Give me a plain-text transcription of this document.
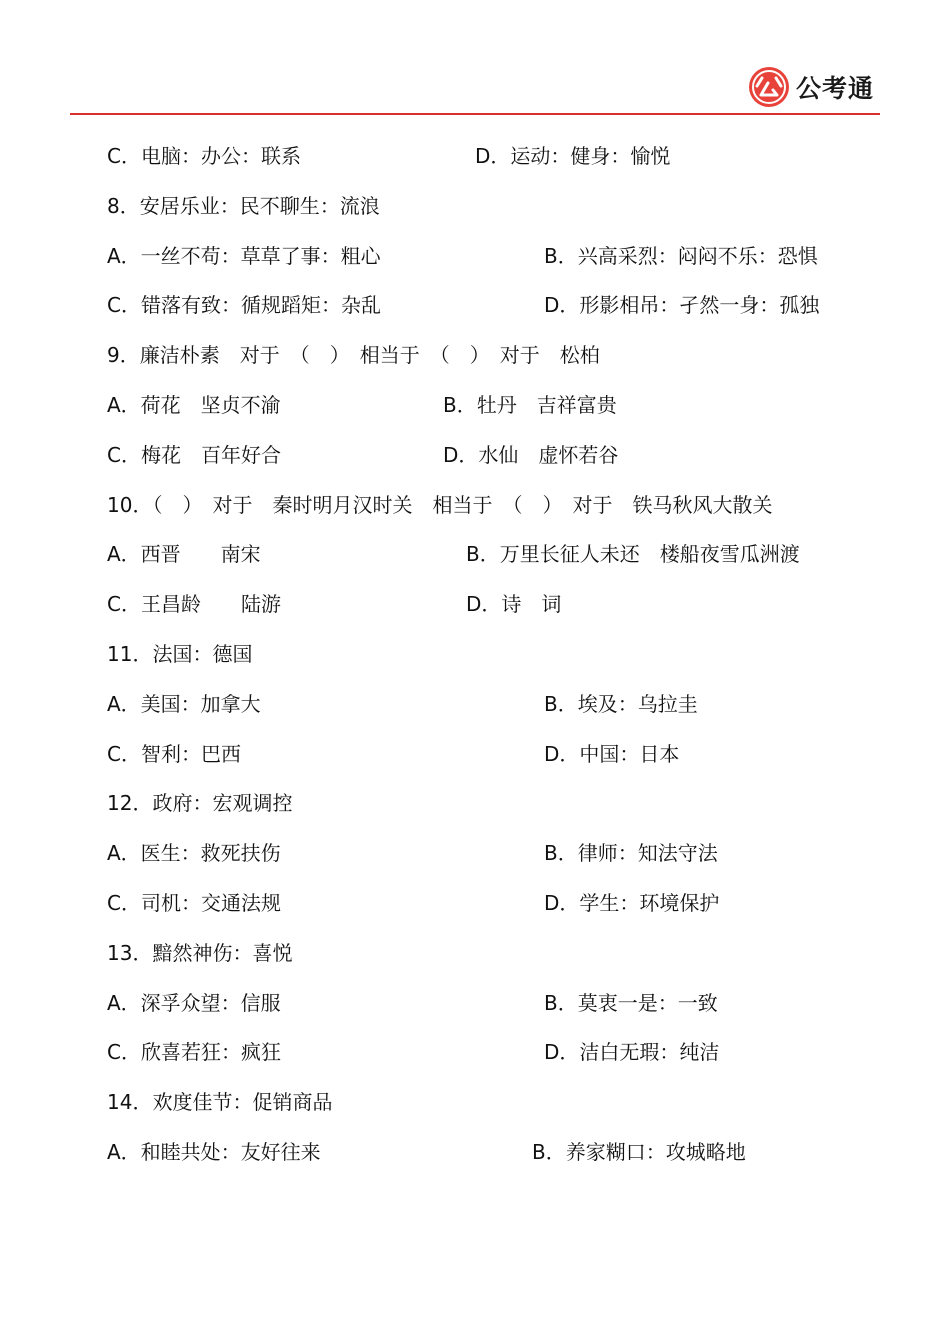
公考通
C．电脑：办公：联系	D．运动：健身：愉悦
8．安居乐业：民不聊生：流浪
A．一丝不苟：草草了事：粗心	B．兴高采烈：闷闷不乐：恐惧
C．错落有致：循规蹈矩：杂乱	D．形影相吊：孑然一身：孤独
9．廉洁朴素　对于　（　）　相当于　（　）　对于　松柏
A．荷花　坚贞不渝	B．牡丹　吉祥富贵
C．梅花　百年好合	D．水仙　虚怀若谷
10．（　）　对于　秦时明月汉时关　相当于　（　）　对于　铁马秋风大散关
A．西晋　　南宋	B．万里长征人未还　楼船夜雪瓜洲渡
C．王昌龄　　陆游	D．诗　词
11．法国：德国
A．美国：加拿大	B．埃及：乌拉圭
C．智利：巴西	D．中国：日本
12．政府：宏观调控
A．医生：救死扶伤	B．律师：知法守法
C．司机：交通法规	D．学生：环境保护
13．黯然神伤：喜悦
A．深孚众望：信服	B．莫衷一是：一致
C．欣喜若狂：疯狂	D．洁白无瑕：纯洁
14．欢度佳节：促销商品
A．和睦共处：友好往来	B．养家糊口：攻城略地
